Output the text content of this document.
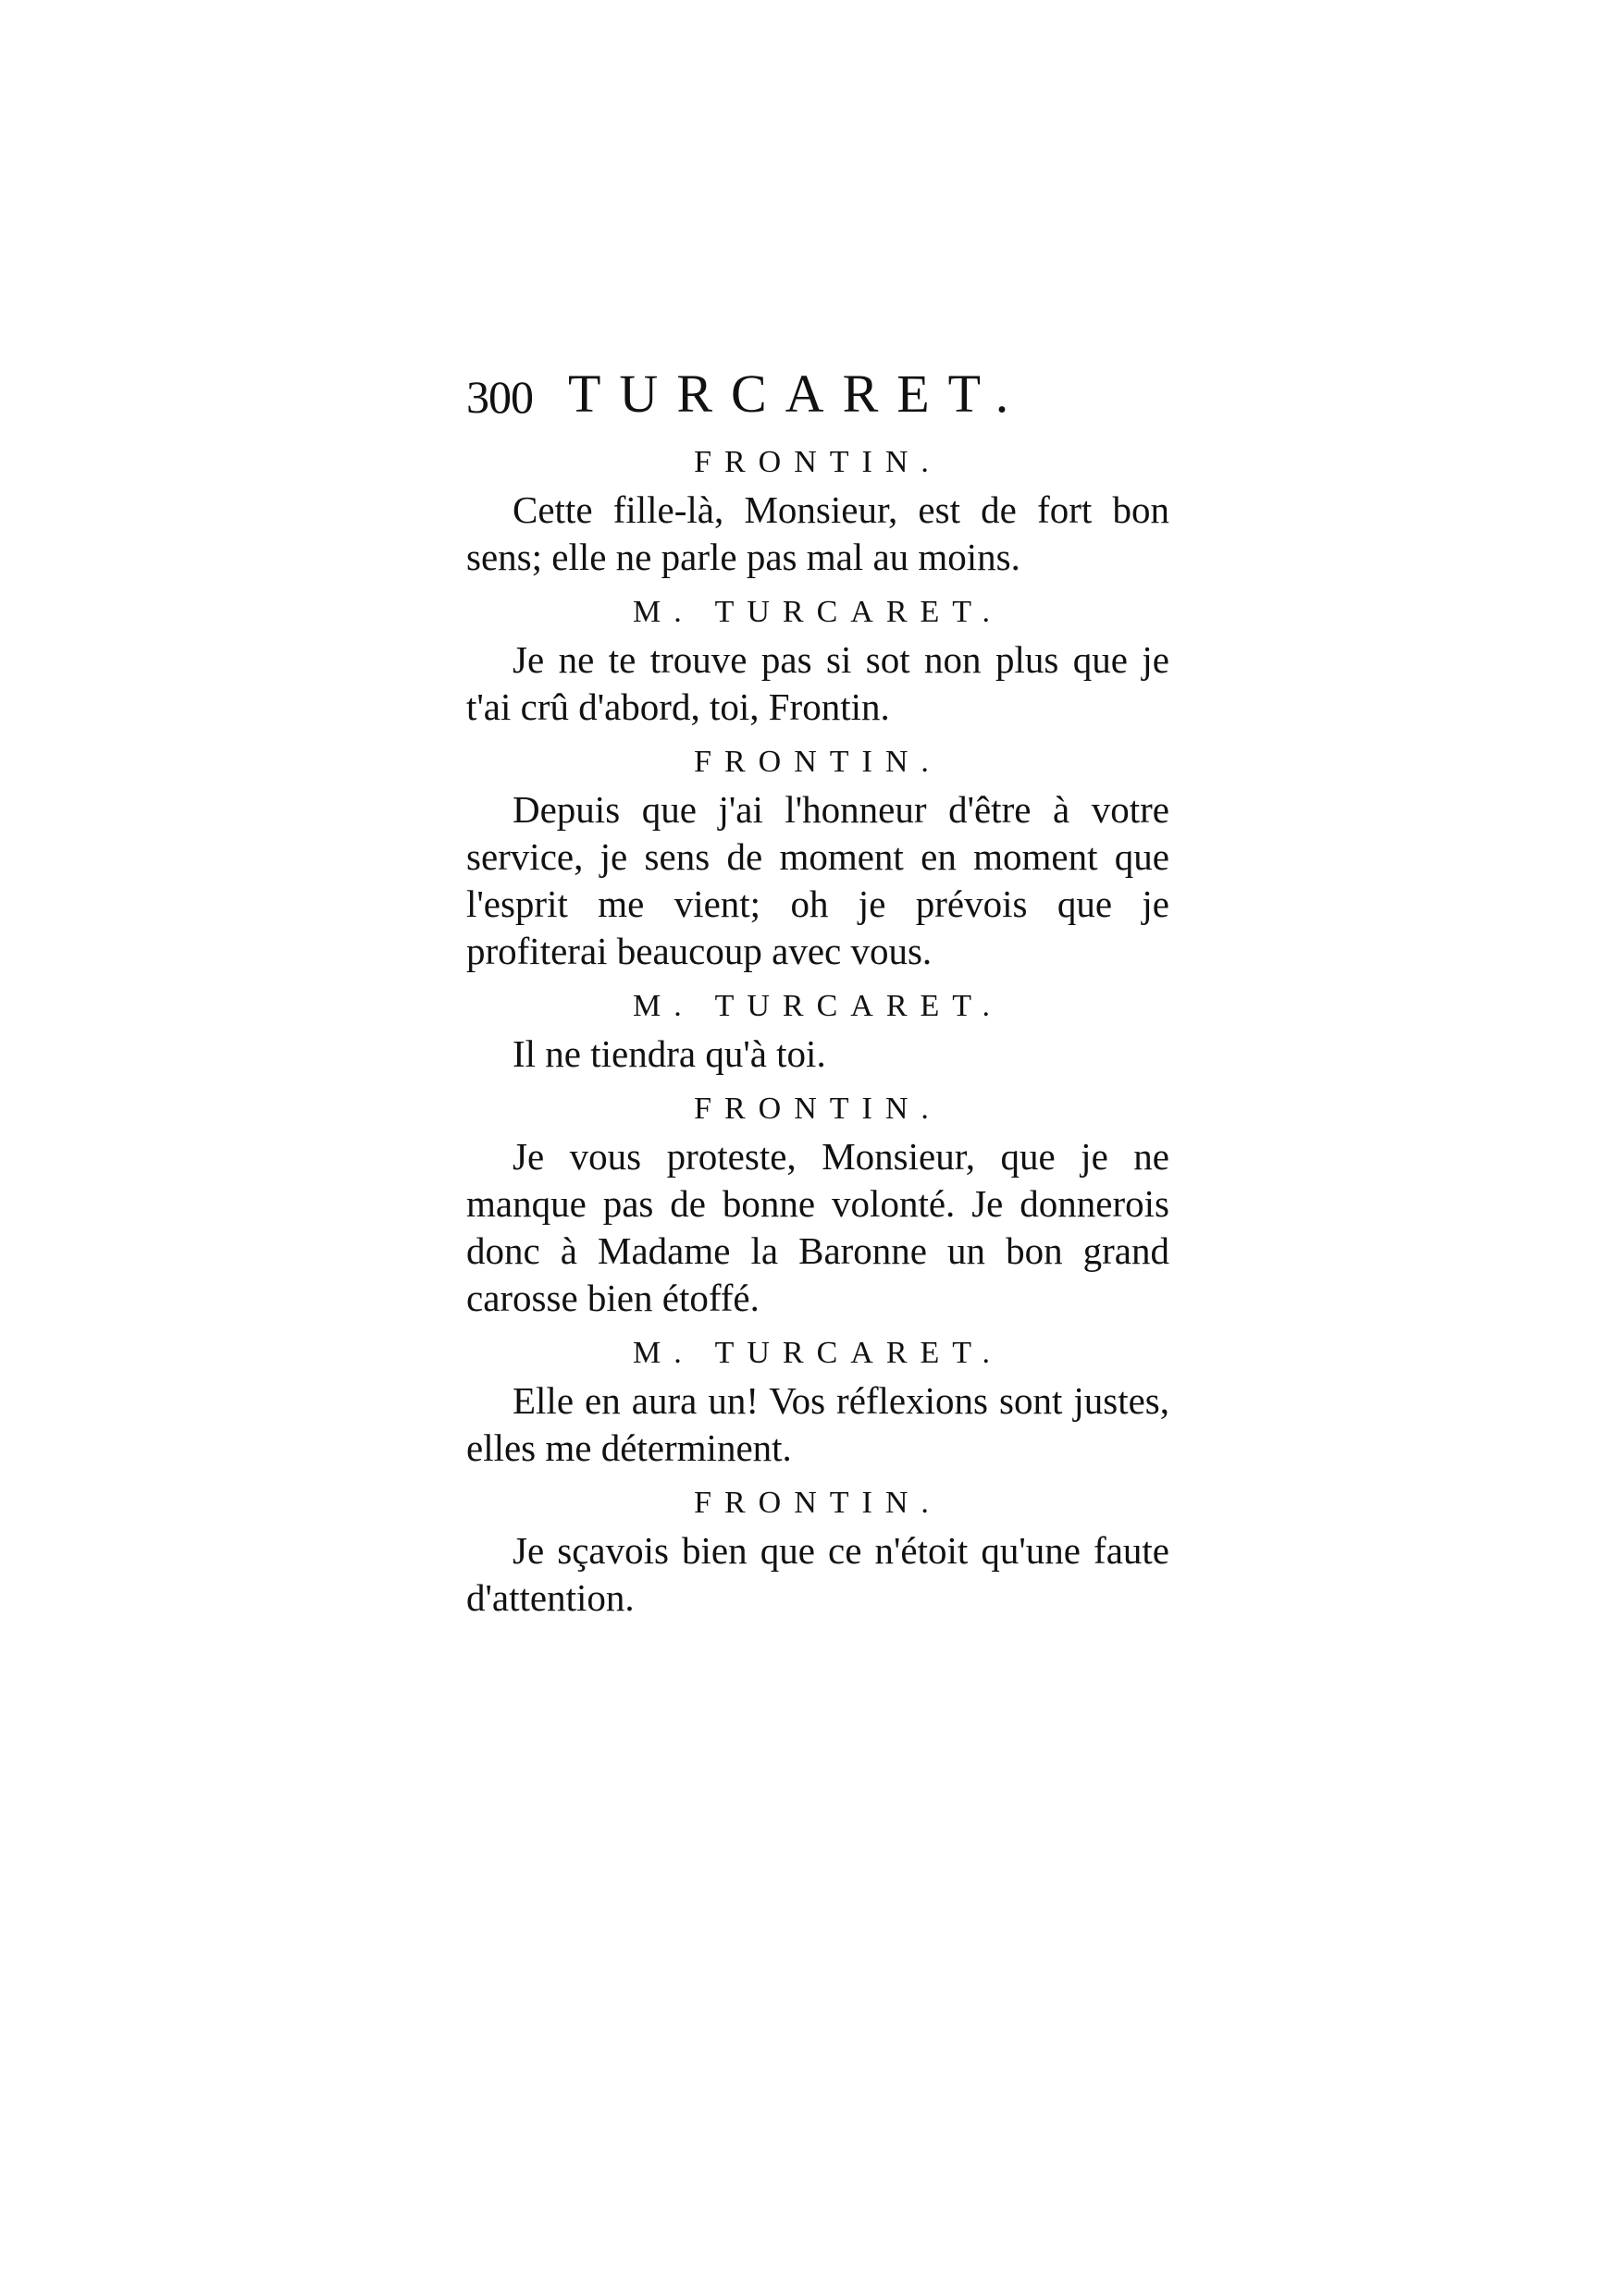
300 TURCARET.
FRONTIN.

Cette fille-là, Monsieur, est de fort bon sens; elle ne parle pas mal au moins.

M. TURCARET.

Je ne te trouve pas si sot non plus que je t'ai crû d'abord, toi, Frontin.

FRONTIN.

Depuis que j'ai l'honneur d'être à votre service, je sens de moment en moment que l'esprit me vient; oh je prévois que je profiterai beaucoup avec vous.

M. TURCARET.

Il ne tiendra qu'à toi.

FRONTIN.

Je vous proteste, Monsieur, que je ne manque pas de bonne volonté. Je donnerois donc à Madame la Baronne un bon grand carosse bien étoffé.

M. TURCARET.

Elle en aura un! Vos réflexions sont justes, elles me déterminent.

FRONTIN.

Je sçavois bien que ce n'étoit qu'une faute d'attention.
